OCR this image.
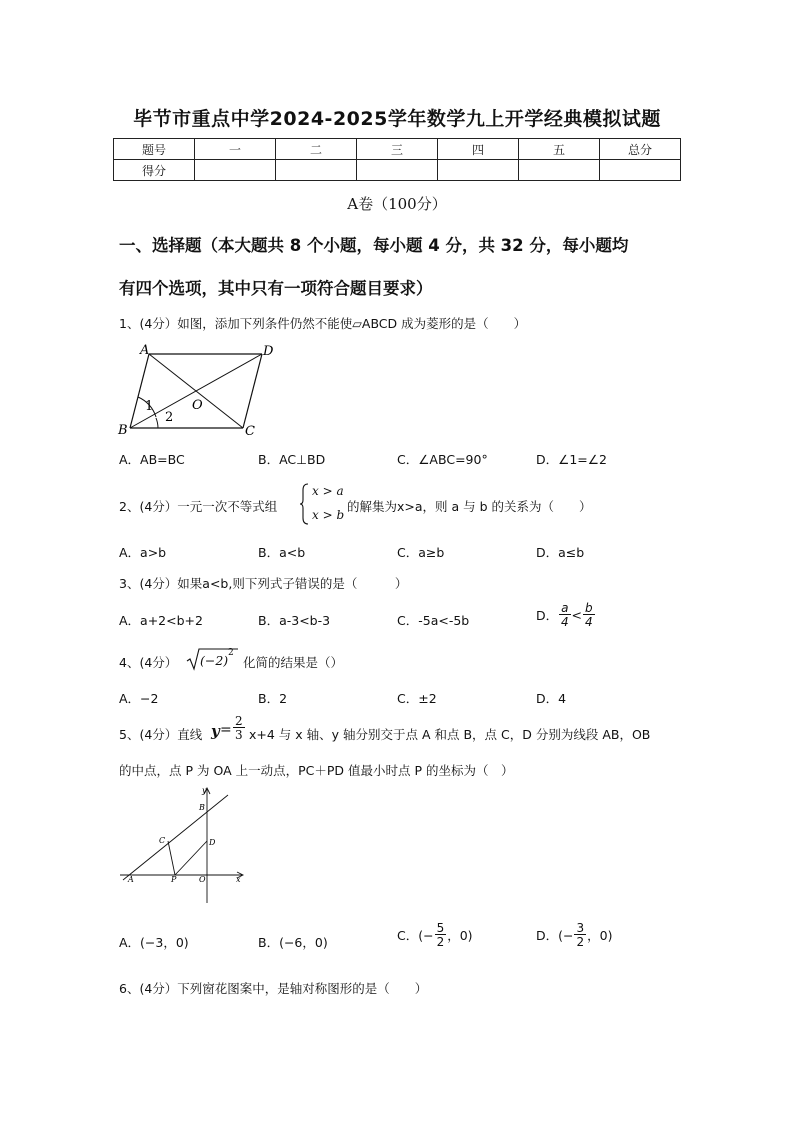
毕节市重点中学2024-2025学年数学九上开学经典模拟试题
题号	一	二	三	四	五	总分
得分						
A卷（100分）
一、选择题（本大题共 8 个小题，每小题 4 分，共 32 分，每小题均
有四个选项，其中只有一项符合题目要求）
1、(4分）如图，添加下列条件仍然不能使▱ABCD 成为菱形的是（　　）
A	D
B	C
O
1
2
A．AB=BC	B．AC⊥BD	C．∠ABC=90°	D．∠1=∠2
2、(4分）一元一次不等式组
x > a
x > b
的解集为x>a，则 a 与 b 的关系为（　　）
A．a>b	B．a<b	C．a≥b	D．a≤b
3、(4分）如果a<b,则下列式子错误的是（　　　）
A．a+2<b+2	B．a-3<b-3	C．-5a<-5b	D． $\frac{a}{4} < \frac{b}{4}$
4、(4分） (−2) 2
化简的结果是（）
A．−2	B．2	C．±2	D．4
5、(4分）直线 $y = \frac{2}{3} x+4$ 与 x 轴、y 轴分别交于点 A 和点 B，点 C，D 分别为线段 AB，OB
的中点，点 P 为 OA 上一动点，PC＋PD 值最小时点 P 的坐标为（　）
y
B
C	D
A	P	O	x
A．(−3，0)	B．(−6，0)	C．(− $\frac{5}{2}$ ，0)	D．(− $\frac{3}{2}$ ，0)
6、(4分）下列窗花图案中，是轴对称图形的是（　　）
